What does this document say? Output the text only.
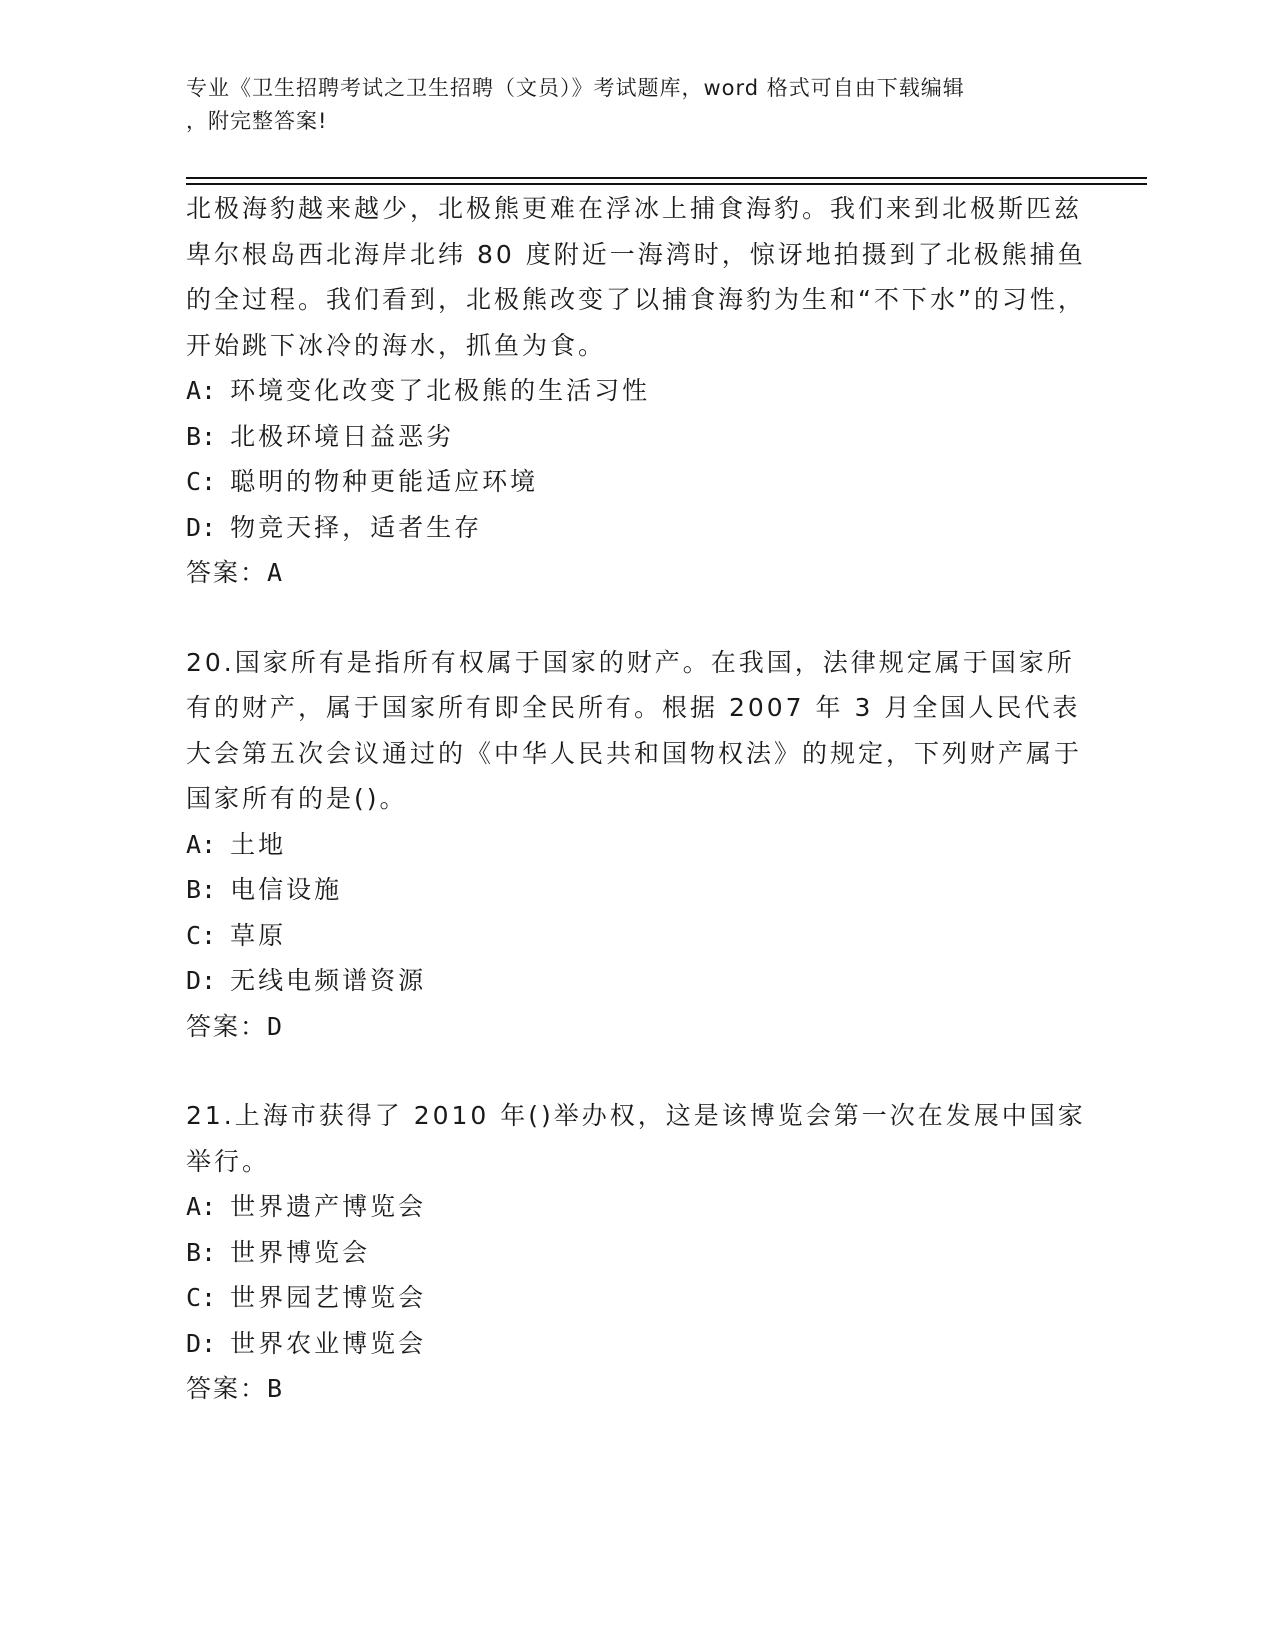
专业《卫生招聘考试之卫生招聘（文员）》考试题库，word 格式可自由下载编辑
，附完整答案!

北极海豹越来越少，北极熊更难在浮冰上捕食海豹。我们来到北极斯匹兹卑尔根岛西北海岸北纬 80 度附近一海湾时，惊讶地拍摄到了北极熊捕鱼的全过程。我们看到，北极熊改变了以捕食海豹为生和“不下水”的习性，开始跳下冰冷的海水，抓鱼为食。

A: 环境变化改变了北极熊的生活习性

B: 北极环境日益恶劣

C: 聪明的物种更能适应环境

D: 物竞天择，适者生存

答案：A

20.国家所有是指所有权属于国家的财产。在我国，法律规定属于国家所有的财产，属于国家所有即全民所有。根据 2007 年 3 月全国人民代表大会第五次会议通过的《中华人民共和国物权法》的规定，下列财产属于国家所有的是()。

A: 土地

B: 电信设施

C: 草原

D: 无线电频谱资源

答案：D

21.上海市获得了 2010 年()举办权，这是该博览会第一次在发展中国家举行。

A: 世界遗产博览会

B: 世界博览会

C: 世界园艺博览会

D: 世界农业博览会

答案：B
